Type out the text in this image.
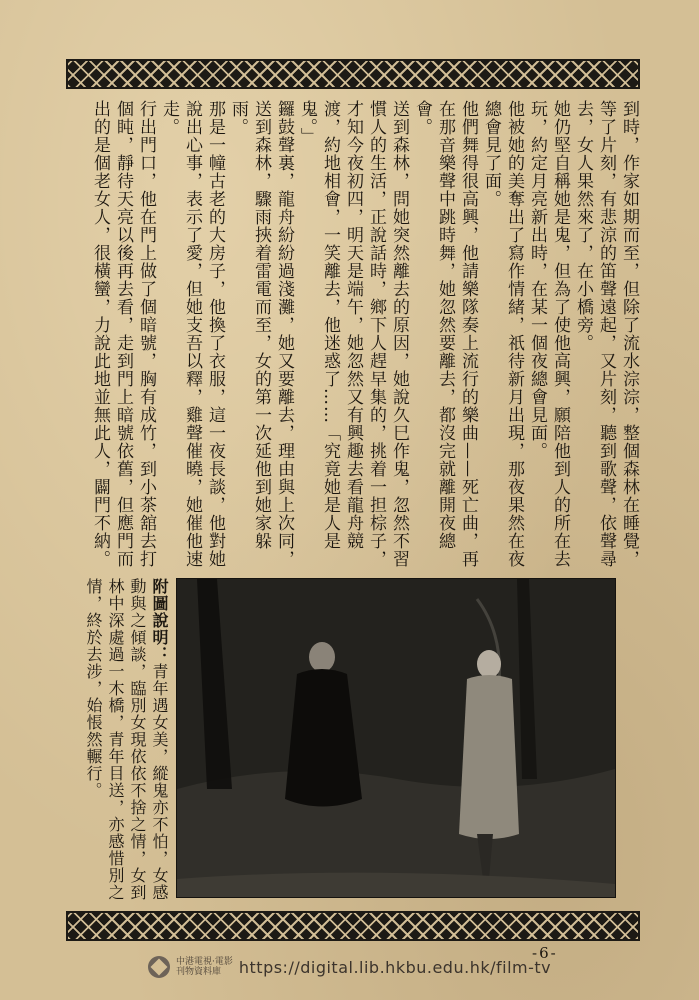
到時，作家如期而至，但除了流水淙淙，整個森林在睡覺，等了片刻，有悲涼的笛聲遠起，又片刻，聽到歌聲，依聲尋去，女人果然來了，在小橋旁。

她仍堅自稱她是鬼，但為了使他高興，願陪他到人的所在去玩，約定月亮新出時，在某一個夜總會見面。

他被她的美奪出了寫作情緒，祇待新月出現，那夜果然在夜總會見了面。

他們舞得很高興，他請樂隊奏上流行的樂曲——死亡曲，再在那音樂聲中跳時舞，她忽然要離去，都沒完就離開夜總會。

送到森林，問她突然離去的原因，她說久巳作鬼，忽然不習慣人的生活，正說話時，鄉下人趕早集的，挑着一担棕子，才知今夜初四，明天是端午，她忽然又有興趣去看龍舟競渡，約地相會，一笑離去，他迷惑了……「究竟她是人是鬼。」

鑼鼓聲裏，龍舟紛紛過淺灘，她又要離去，理由與上次同，送到森林，驟雨挾着雷電而至，女的第一次延他到她家躲雨。

那是一幢古老的大房子，他換了衣服，這一夜長談，他對她說出心事，表示了愛，但她支吾以釋，雞聲催曉，她催他速走。

行出門口，他在門上做了個暗號，胸有成竹，到小茶舘去打個盹，靜待天亮以後再去看，走到門上暗號依舊，但應門而出的是個老女人，很橫蠻，力說此地並無此人，闢門不納。

附圖說明：青年遇女美，縱鬼亦不怕，女感動與之傾談，臨別女現依依不捨之情，女到林中深處過一木橋，青年目送，亦感惜別之情，終於去涉，始悵然輾行。
-6-
中港電視·電影
刊物資料庫	https://digital.lib.hkbu.edu.hk/film-tv
